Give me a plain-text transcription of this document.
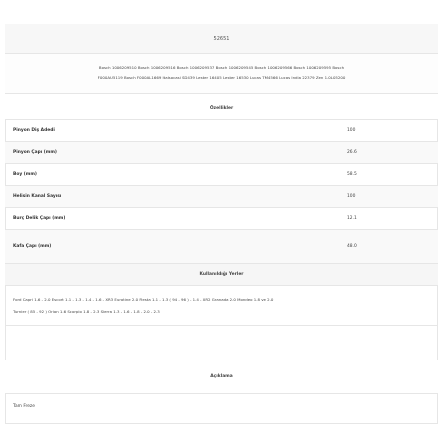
52651
Bosch 1006209510 Bosch 1006209516 Bosch 1006209537 Bosch 1006209545 Bosch 1006209566 Bosch 1006209595 Bosch
F000AU5119 Bosch F000AL1669 Italsocasi SD439 Lester 16405 Lester 16530 Lucas TM4566 Lucas India 22379 Zen 1.0L05200
Özellikler
Pinyon Diş Adedi	100
Pinyon Çapı (mm)	26.6
Boy (mm)	58.5
Helisin Kanal Sayısı	100
Burç Delik Çapı (mm)	12.1
Kafa Çapı (mm)	48.0
Kullanıldığı Yerler
Ford Capri 1.6 - 2.0 Escort 1.1 - 1.3 - 1.4 - 1.6 - XR3 Eurotine 2.0 Fiesta 1.1 - 1.3 ( 94 - 96 ) - 1.4 - XR2 Granada 2.0 Mondeo 1.8 ve 2.0
Turnier ( 85 - 92 ) Orion 1.6 Scorpio 1.8 - 2.3 Sierra 1.3 - 1.6 - 1.8 - 2.0 - 2.3
Açıklama
Tam Freze
